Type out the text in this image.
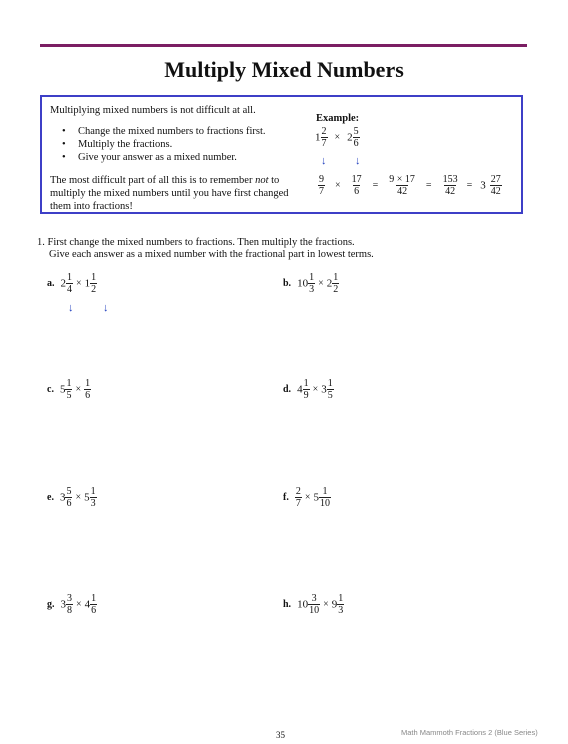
Multiply Mixed Numbers
Multiplying mixed numbers is not difficult at all.
• Change the mixed numbers to fractions first.
• Multiply the fractions.
• Give your answer as a mixed number.
The most difficult part of all this is to remember not to multiply the mixed numbers until you have first changed them into fractions!
Example:
$1 \frac{2}{7} \times 2 \frac{5}{6}$
↓	↓
$\frac{9}{7} \times \frac{17}{6} = \frac{9 \times 17}{42} = \frac{153}{42} = 3 \frac{27}{42}$
1. First change the mixed numbers to fractions. Then multiply the fractions.
Give each answer as a mixed number with the fractional part in lowest terms.
a. $2 \frac{1}{4} \times 1 \frac{1}{2}$
↓	↓
b. $10 \frac{1}{3} \times 2 \frac{1}{2}$
c. $5 \frac{1}{5} \times \frac{1}{6}$	d. $4 \frac{1}{9} \times 3 \frac{1}{5}$
e. $3 \frac{5}{6} \times 5 \frac{1}{3}$	f. $\frac{2}{7} \times 5 \frac{1}{10}$
g. $3 \frac{3}{8} \times 4 \frac{1}{6}$	h. $10 \frac{3}{10} \times 9 \frac{1}{3}$
35	Math Mammoth Fractions 2 (Blue Series)
